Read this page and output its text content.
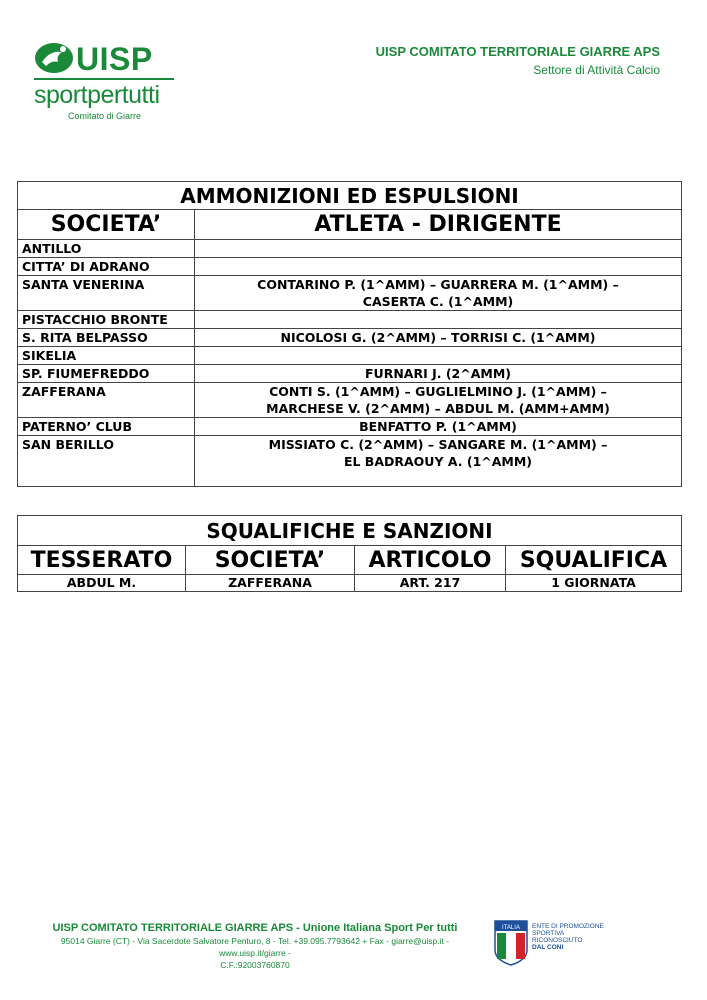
UISP
sportpertutti
Comitato di Giarre
UISP COMITATO TERRITORIALE GIARRE APS
Settore di Attività Calcio
AMMONIZIONI ED ESPULSIONI	
SOCIETA’	ATLETA - DIRIGENTE
ANTILLO	
CITTA’ DI ADRANO	
SANTA VENERINA	CONTARINO P. (1^AMM) – GUARRERA M. (1^AMM) –
CASERTA C. (1^AMM)
PISTACCHIO BRONTE	
S. RITA BELPASSO	NICOLOSI G. (2^AMM) – TORRISI C. (1^AMM)
SIKELIA	
SP. FIUMEFREDDO	FURNARI J. (2^AMM)
ZAFFERANA	CONTI S. (1^AMM) – GUGLIELMINO J. (1^AMM) –
MARCHESE V. (2^AMM) – ABDUL M. (AMM+AMM)
PATERNO’ CLUB	BENFATTO P. (1^AMM)
SAN BERILLO	MISSIATO C. (2^AMM) – SANGARE M. (1^AMM) –
EL BADRAOUY A. (1^AMM)
SQUALIFICHE E SANZIONI			
TESSERATO	SOCIETA’	ARTICOLO	SQUALIFICA
ABDUL M.	ZAFFERANA	ART. 217	1 GIORNATA
UISP COMITATO TERRITORIALE GIARRE APS - Unione Italiana Sport Per tutti
95014 Giarre (CT) - Via Sacerdote Salvatore Penturo, 8 - Tel. +39.095.7793642 + Fax - giarre@uisp.it - www.uisp.it/giarre -
C.F.:92003760870
ITALIA ENTE DI PROMOZIONE
SPORTIVA
RICONOSCIUTO
DAL CONI
